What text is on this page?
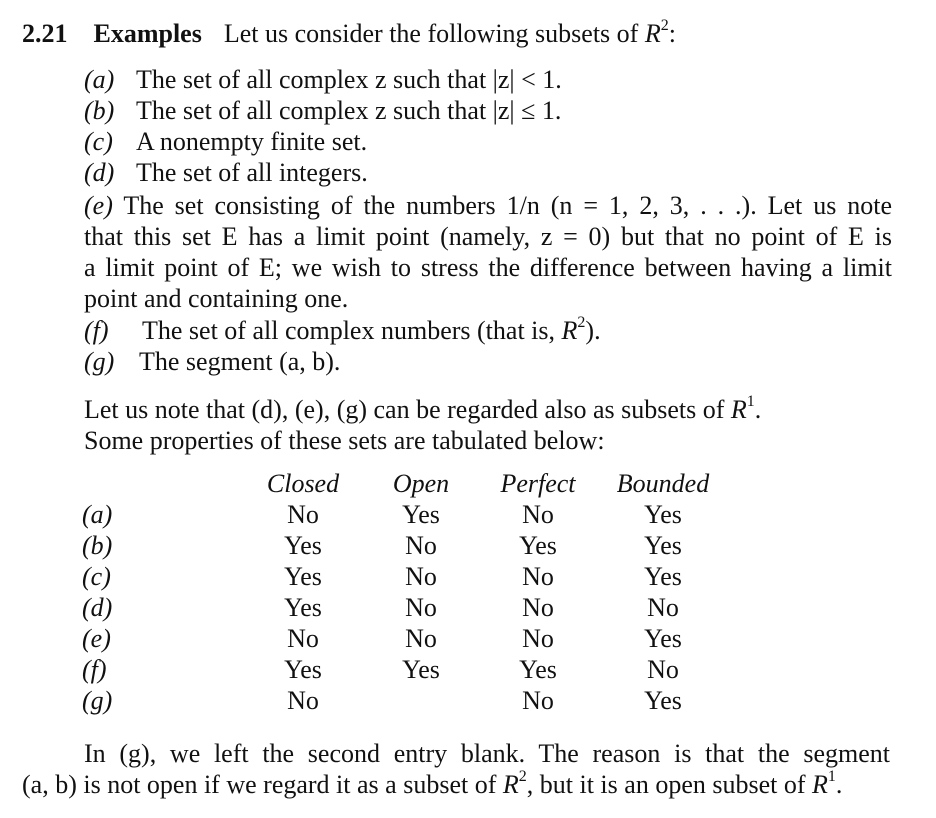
2.21 Examples Let us consider the following subsets of $R^2$:
(a) The set of all complex z such that |z| < 1.
(b) The set of all complex z such that |z| ≤ 1.
(c) A nonempty finite set.
(d) The set of all integers.
(e) The set consisting of the numbers 1/n (n = 1, 2, 3, . . .). Let us note
that this set E has a limit point (namely, z = 0) but that no point of E is
a limit point of E; we wish to stress the difference between having a limit
point and containing one.
(f) The set of all complex numbers (that is, $R^2$).
(g) The segment (a, b).
Let us note that (d), (e), (g) can be regarded also as subsets of $R^1$.
Some properties of these sets are tabulated below:
	Closed	Open	Perfect	Bounded
(a)	No	Yes	No	Yes
(b)	Yes	No	Yes	Yes
(c)	Yes	No	No	Yes
(d)	Yes	No	No	No
(e)	No	No	No	Yes
(f)	Yes	Yes	Yes	No
(g)	No		No	Yes
In (g), we left the second entry blank. The reason is that the segment
(a, b) is not open if we regard it as a subset of $R^2$, but it is an open subset of $R^1$.
